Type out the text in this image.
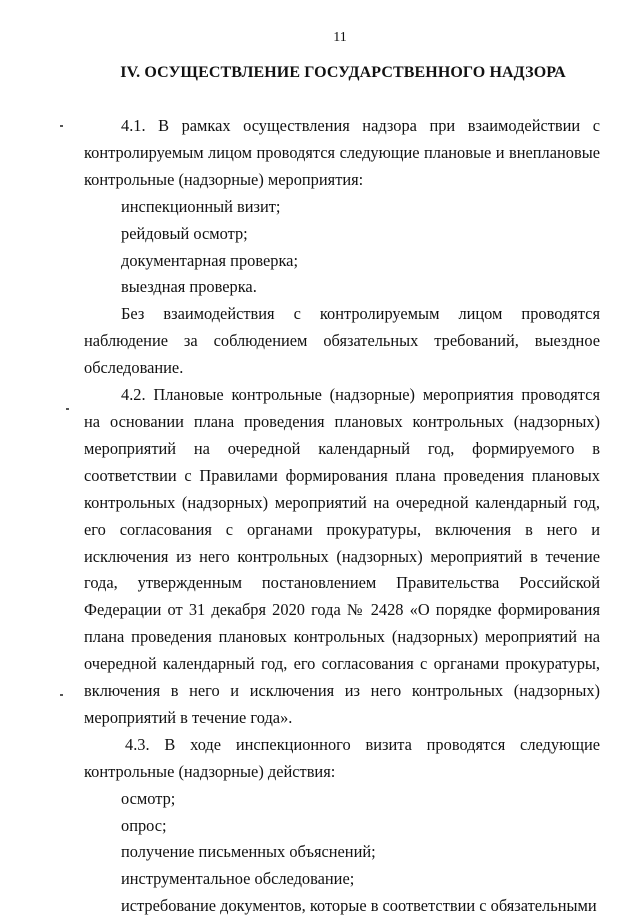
11
IV. ОСУЩЕСТВЛЕНИЕ ГОСУДАРСТВЕННОГО НАДЗОРА

4.1. В рамках осуществления надзора при взаимодействии с контролируемым лицом проводятся следующие плановые и внеплановые контрольные (надзорные) мероприятия:

инспекционный визит;

рейдовый осмотр;

документарная проверка;

выездная проверка.

Без взаимодействия с контролируемым лицом проводятся наблюдение за соблюдением обязательных требований, выездное обследование.

4.2. Плановые контрольные (надзорные) мероприятия проводятся на основании плана проведения плановых контрольных (надзорных) мероприятий на очередной календарный год, формируемого в соответствии с Правилами формирования плана проведения плановых контрольных (надзорных) мероприятий на очередной календарный год, его согласования с органами прокуратуры, включения в него и исключения из него контрольных (надзорных) мероприятий в течение года, утвержденным постановлением Правительства Российской Федерации от 31 декабря 2020 года № 2428 «О порядке формирования плана проведения плановых контрольных (надзорных) мероприятий на очередной календарный год, его согласования с органами прокуратуры, включения в него и исключения из него контрольных (надзорных) мероприятий в течение года».

4.3. В ходе инспекционного визита проводятся следующие контрольные (надзорные) действия:

осмотр;

опрос;

получение письменных объяснений;

инструментальное обследование;

истребование документов, которые в соответствии с обязательными
